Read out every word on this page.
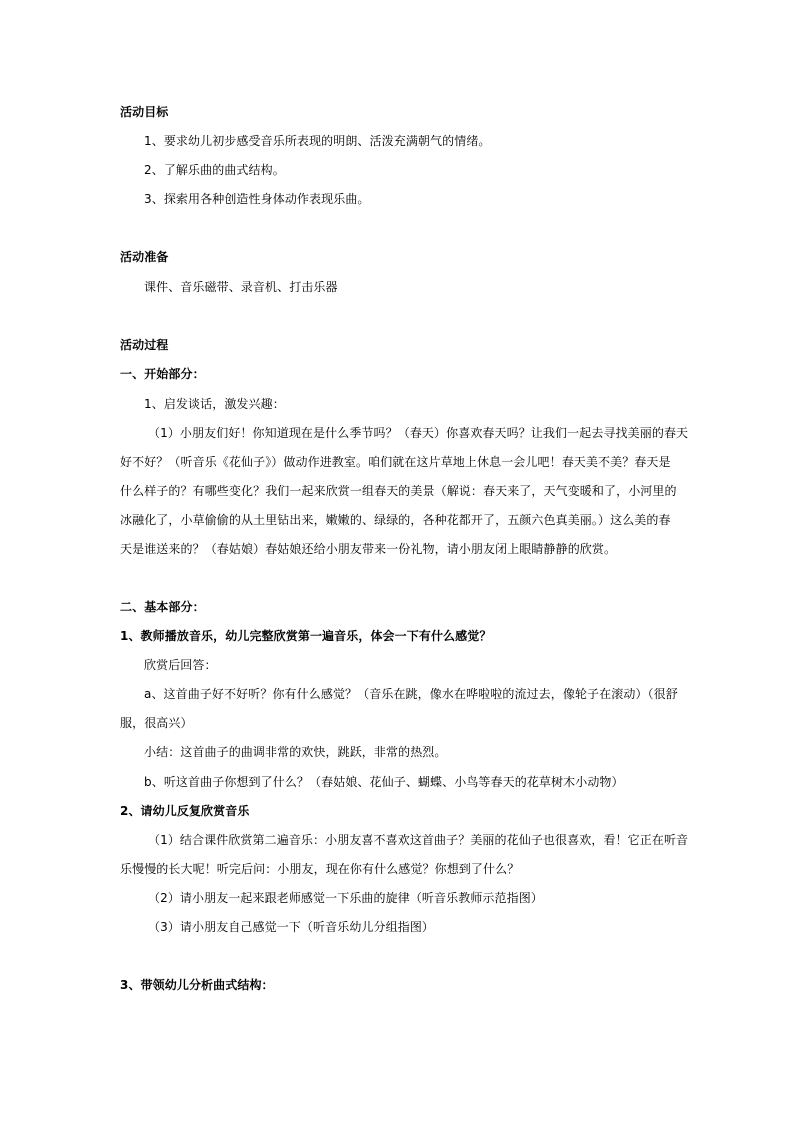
活动目标
1、要求幼儿初步感受音乐所表现的明朗、活泼充满朝气的情绪。
2、了解乐曲的曲式结构。
3、探索用各种创造性身体动作表现乐曲。
活动准备
课件、音乐磁带、录音机、打击乐器
活动过程
一、开始部分：
1、启发谈话，激发兴趣：
（1）小朋友们好！你知道现在是什么季节吗？（春天）你喜欢春天吗？让我们一起去寻找美丽的春天
好不好？（听音乐《花仙子》）做动作进教室。咱们就在这片草地上休息一会儿吧！春天美不美？春天是
什么样子的？有哪些变化？我们一起来欣赏一组春天的美景（解说：春天来了，天气变暖和了，小河里的
冰融化了，小草偷偷的从土里钻出来，嫩嫩的、绿绿的，各种花都开了，五颜六色真美丽。）这么美的春
天是谁送来的？（春姑娘）春姑娘还给小朋友带来一份礼物，请小朋友闭上眼睛静静的欣赏。
二、基本部分：
1、教师播放音乐，幼儿完整欣赏第一遍音乐，体会一下有什么感觉？
欣赏后回答：
a、这首曲子好不好听？你有什么感觉？（音乐在跳，像水在哗啦啦的流过去，像轮子在滚动）（很舒
服，很高兴）
小结：这首曲子的曲调非常的欢快，跳跃，非常的热烈。
b、听这首曲子你想到了什么？（春姑娘、花仙子、蝴蝶、小鸟等春天的花草树木小动物）
2、请幼儿反复欣赏音乐
（1）结合课件欣赏第二遍音乐：小朋友喜不喜欢这首曲子？美丽的花仙子也很喜欢，看！它正在听音
乐慢慢的长大呢！听完后问：小朋友，现在你有什么感觉？你想到了什么？
（2）请小朋友一起来跟老师感觉一下乐曲的旋律（听音乐教师示范指图）
（3）请小朋友自己感觉一下（听音乐幼儿分组指图）
3、带领幼儿分析曲式结构：
